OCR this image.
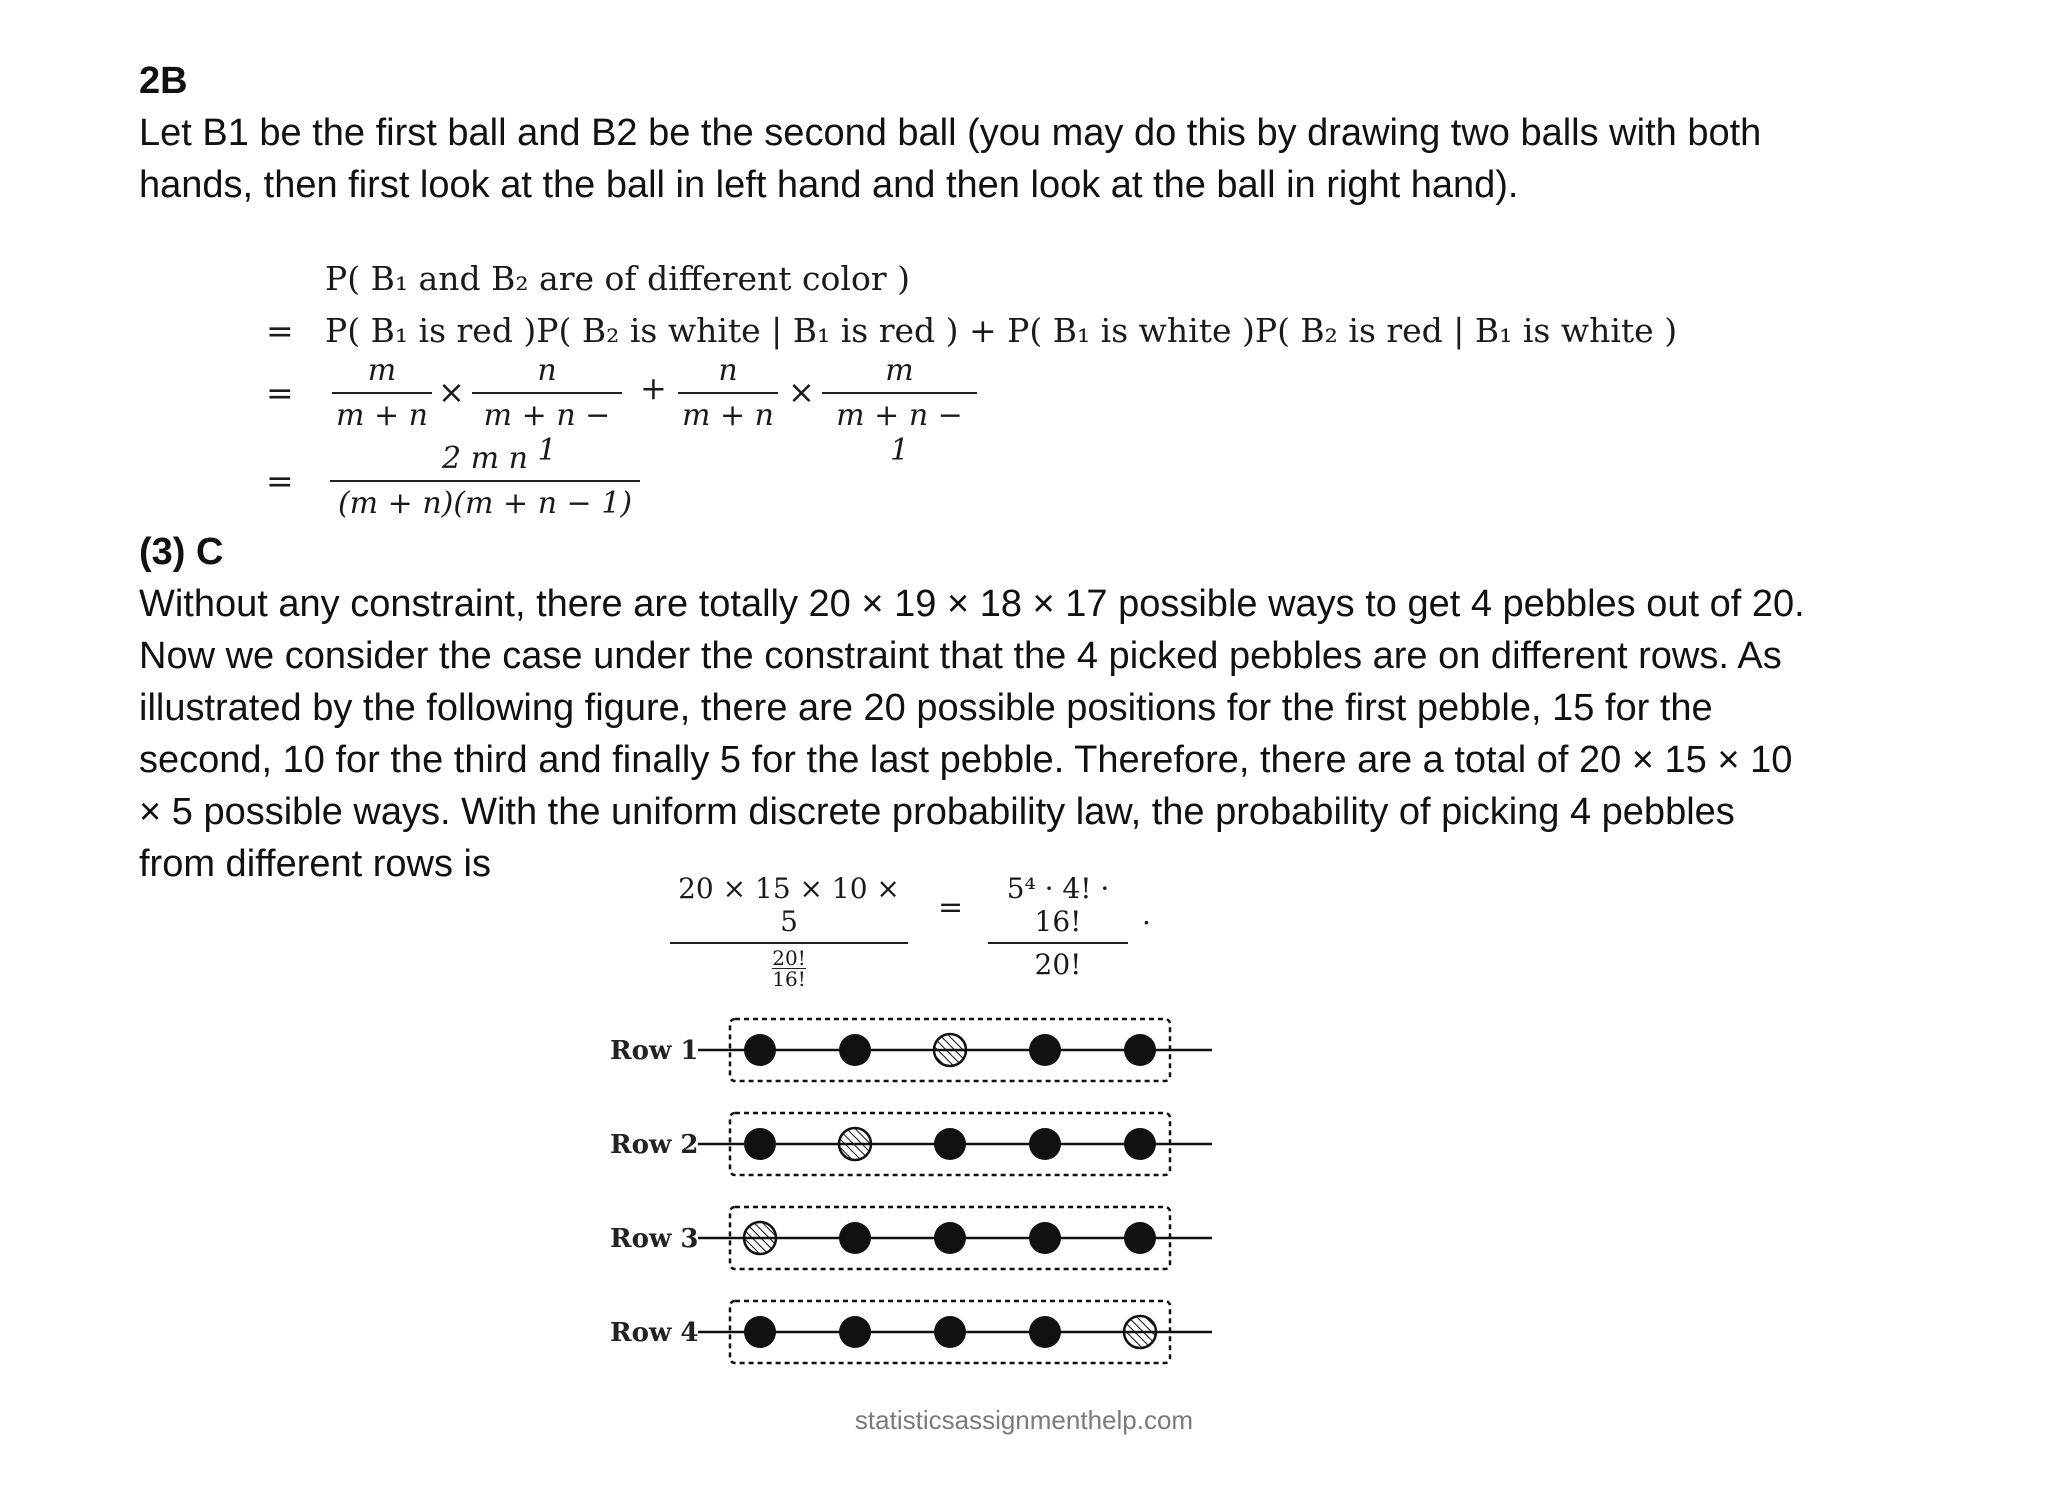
2B
Let B1 be the first ball and B2 be the second ball (you may do this by drawing two balls with both
hands, then first look at the ball in left hand and then look at the ball in right hand).
P( B₁ and B₂ are of different color )
= P( B₁ is red )P( B₂ is white | B₁ is red ) + P( B₁ is white )P( B₂ is red | B₁ is white )
=
m
m + n
×
n
m + n − 1
+	n
m + n
×
m
m + n − 1
=
2 m n
(m + n)(m + n − 1)
(3) C
Without any constraint, there are totally 20 × 19 × 18 × 17 possible ways to get 4 pebbles out of 20.
Now we consider the case under the constraint that the 4 picked pebbles are on different rows. As
illustrated by the following figure, there are 20 possible positions for the first pebble, 15 for the
second, 10 for the third and finally 5 for the last pebble. Therefore, there are a total of 20 × 15 × 10
× 5 possible ways. With the uniform discrete probability law, the probability of picking 4 pebbles
from different rows is
20 × 15 × 10 × 5
$\frac{20!}{16!}$
=
5⁴ · 4! · 16!
20!
.
Row 1
Row 2
Row 3
Row 4
statisticsassignmenthelp.com
